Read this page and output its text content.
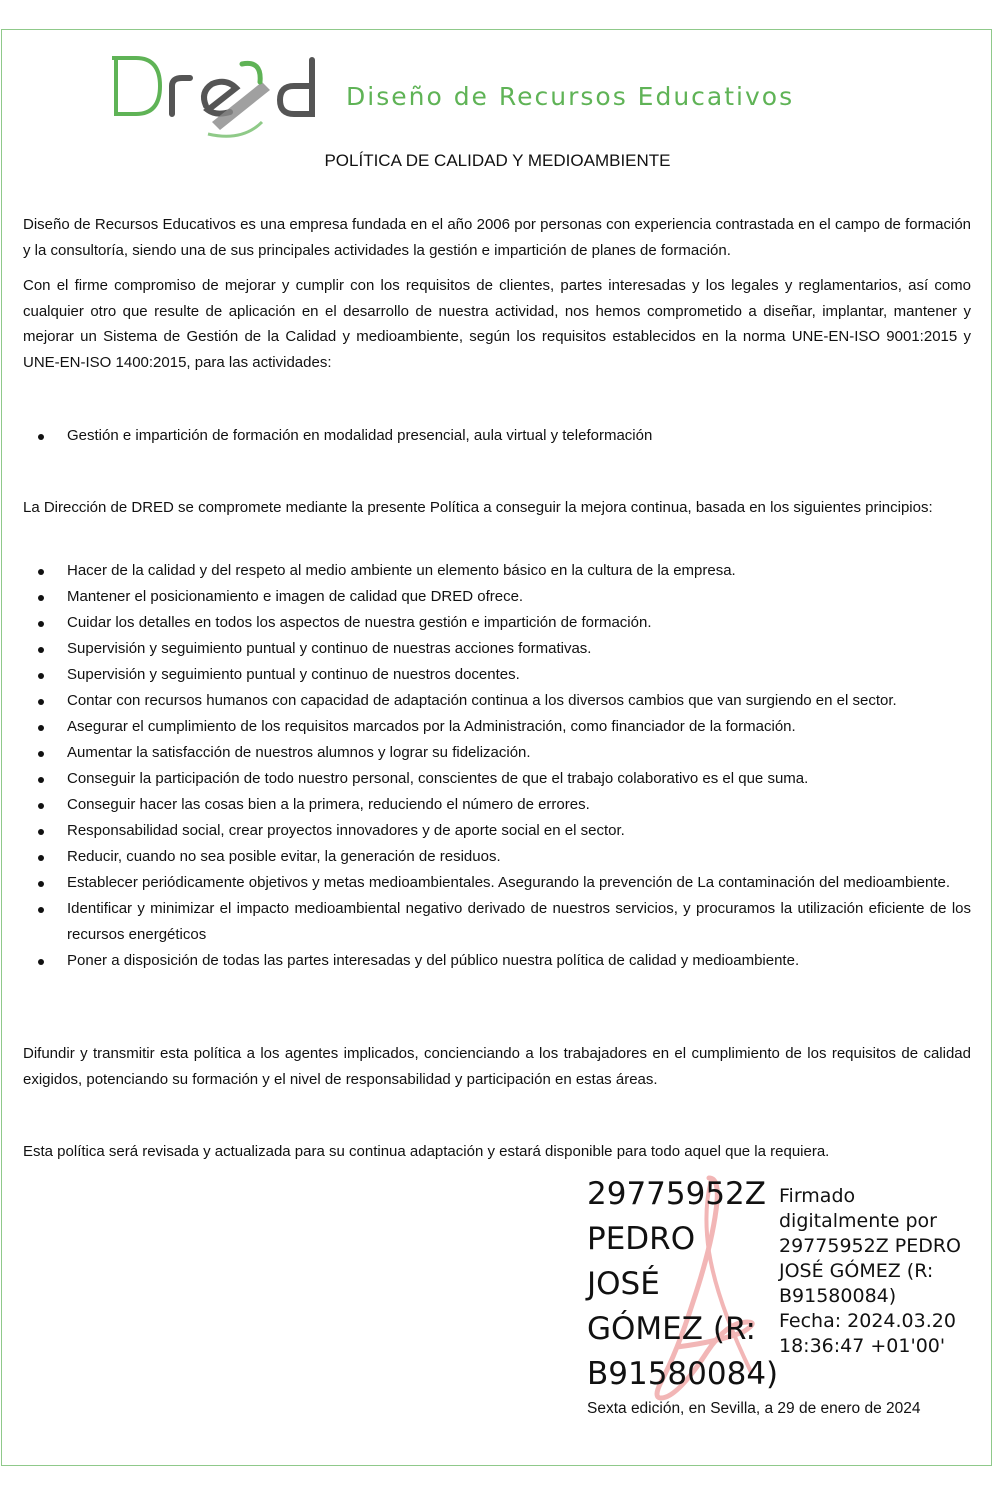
Diseño de Recursos Educativos
POLÍTICA DE CALIDAD Y MEDIOAMBIENTE

Diseño de Recursos Educativos es una empresa fundada en el año 2006 por personas con experiencia contrastada en el campo de formación y la consultoría, siendo una de sus principales actividades la gestión e impartición de planes de formación.

Con el firme compromiso de mejorar y cumplir con los requisitos de clientes, partes interesadas y los legales y reglamentarios, así como cualquier otro que resulte de aplicación en el desarrollo de nuestra actividad, nos hemos comprometido a diseñar, implantar, mantener y mejorar un Sistema de Gestión de la Calidad y medioambiente, según los requisitos establecidos en la norma UNE-EN-ISO 9001:2015 y UNE-EN-ISO 1400:2015, para las actividades:

Gestión e impartición de formación en modalidad presencial, aula virtual y teleformación

La Dirección de DRED se compromete mediante la presente Política a conseguir la mejora continua, basada en los siguientes principios:

Hacer de la calidad y del respeto al medio ambiente un elemento básico en la cultura de la empresa.
Mantener el posicionamiento e imagen de calidad que DRED ofrece.
Cuidar los detalles en todos los aspectos de nuestra gestión e impartición de formación.
Supervisión y seguimiento puntual y continuo de nuestras acciones formativas.
Supervisión y seguimiento puntual y continuo de nuestros docentes.
Contar con recursos humanos con capacidad de adaptación continua a los diversos cambios que van surgiendo en el sector.
Asegurar el cumplimiento de los requisitos marcados por la Administración, como financiador de la formación.
Aumentar la satisfacción de nuestros alumnos y lograr su fidelización.
Conseguir la participación de todo nuestro personal, conscientes de que el trabajo colaborativo es el que suma.
Conseguir hacer las cosas bien a la primera, reduciendo el número de errores.
Responsabilidad social, crear proyectos innovadores y de aporte social en el sector.
Reducir, cuando no sea posible evitar, la generación de residuos.
Establecer periódicamente objetivos y metas medioambientales. Asegurando la prevención de La contaminación del medioambiente.
Identificar y minimizar el impacto medioambiental negativo derivado de nuestros servicios, y procuramos la utilización eficiente de los recursos energéticos
Poner a disposición de todas las partes interesadas y del público nuestra política de calidad y medioambiente.

Difundir y transmitir esta política a los agentes implicados, concienciando a los trabajadores en el cumplimiento de los requisitos de calidad exigidos, potenciando su formación y el nivel de responsabilidad y participación en estas áreas.

Esta política será revisada y actualizada para su continua adaptación y estará disponible para todo aquel que la requiera.

29775952Z
PEDRO
JOSÉ
GÓMEZ (R:
B91580084)
Firmado
digitalmente por
29775952Z PEDRO
JOSÉ GÓMEZ (R:
B91580084)
Fecha: 2024.03.20
18:36:47 +01'00'
Sexta edición, en Sevilla, a 29 de enero de 2024
